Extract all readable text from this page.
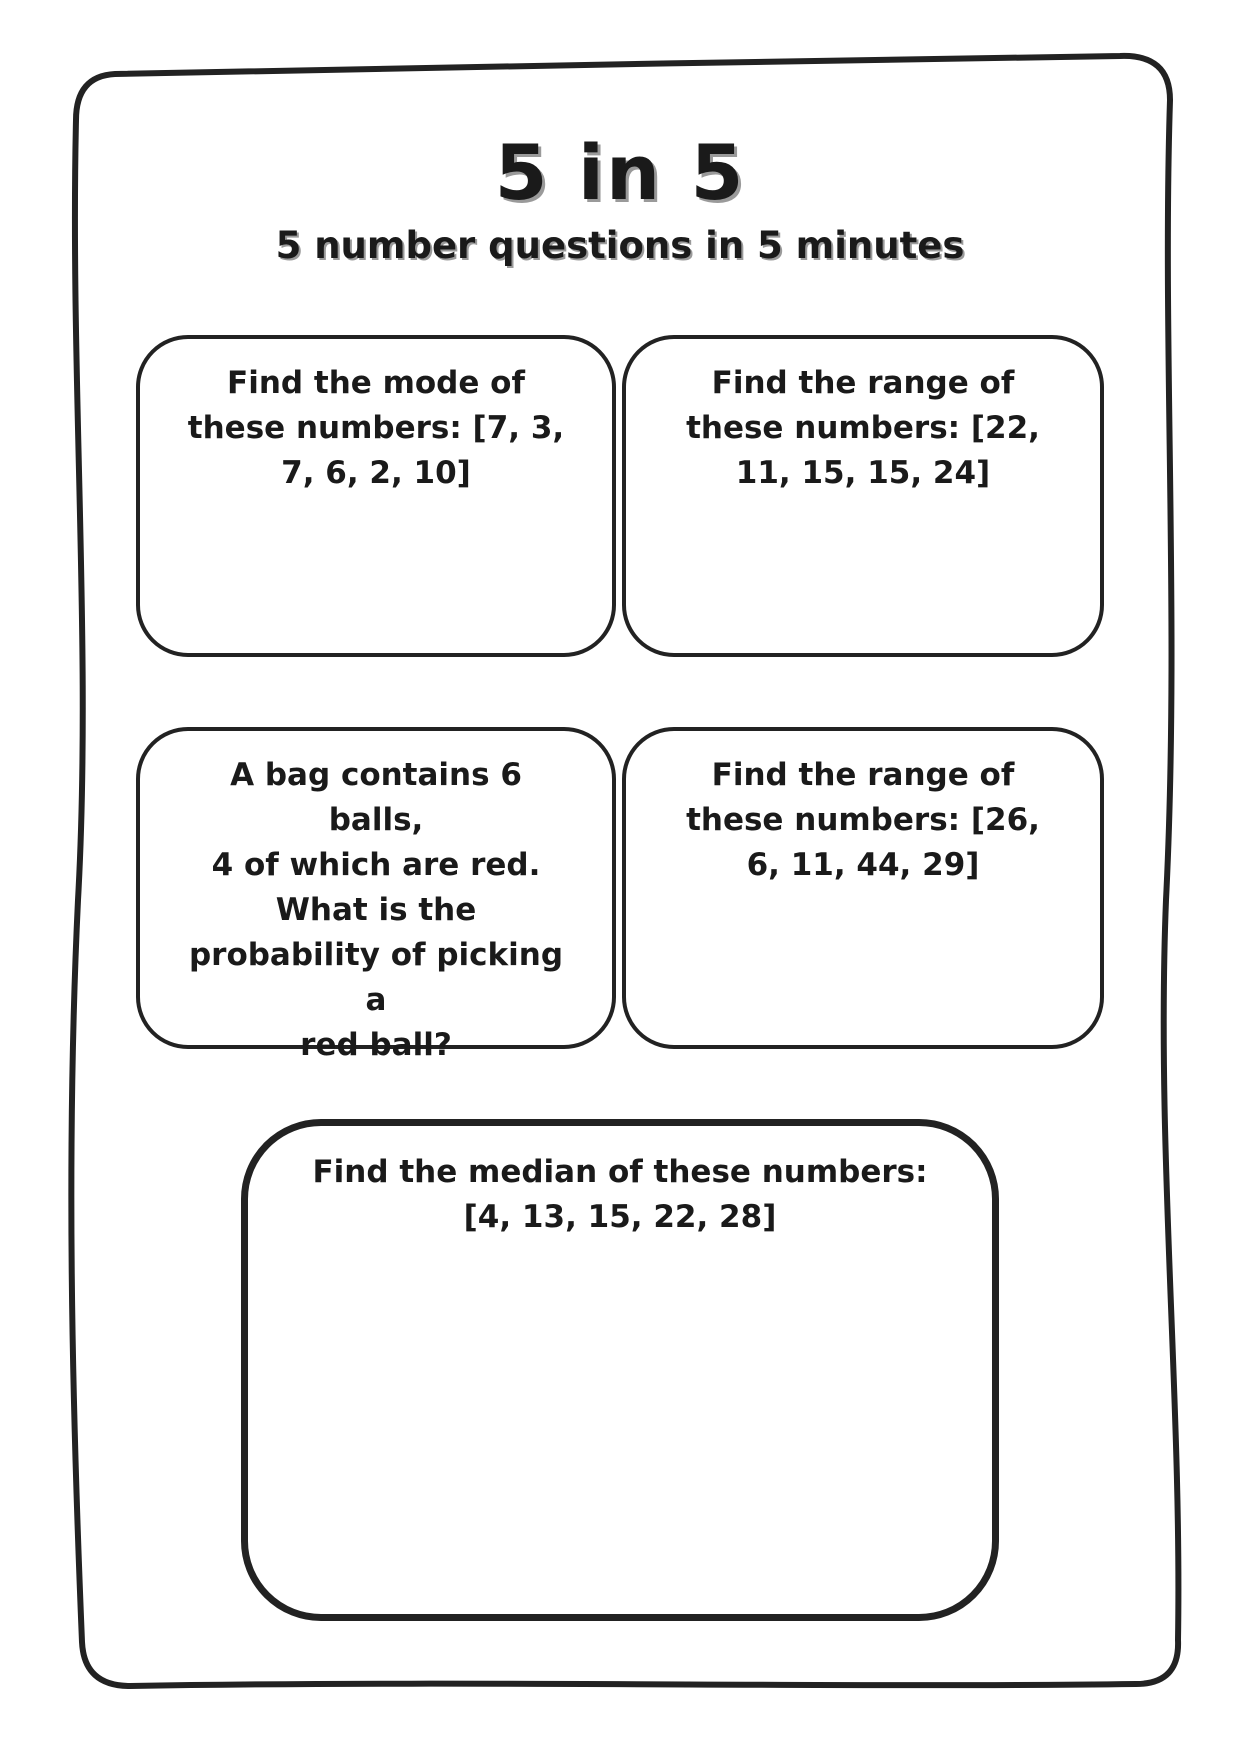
5 in 5
5 number questions in 5 minutes
Find the mode of
these numbers: [7, 3,
7, 6, 2, 10]
Find the range of
these numbers: [22,
11, 15, 15, 24]
A bag contains 6 balls,
4 of which are red.
What is the
probability of picking a
red ball?
Find the range of
these numbers: [26,
6, 11, 44, 29]
Find the median of these numbers:
[4, 13, 15, 22, 28]
